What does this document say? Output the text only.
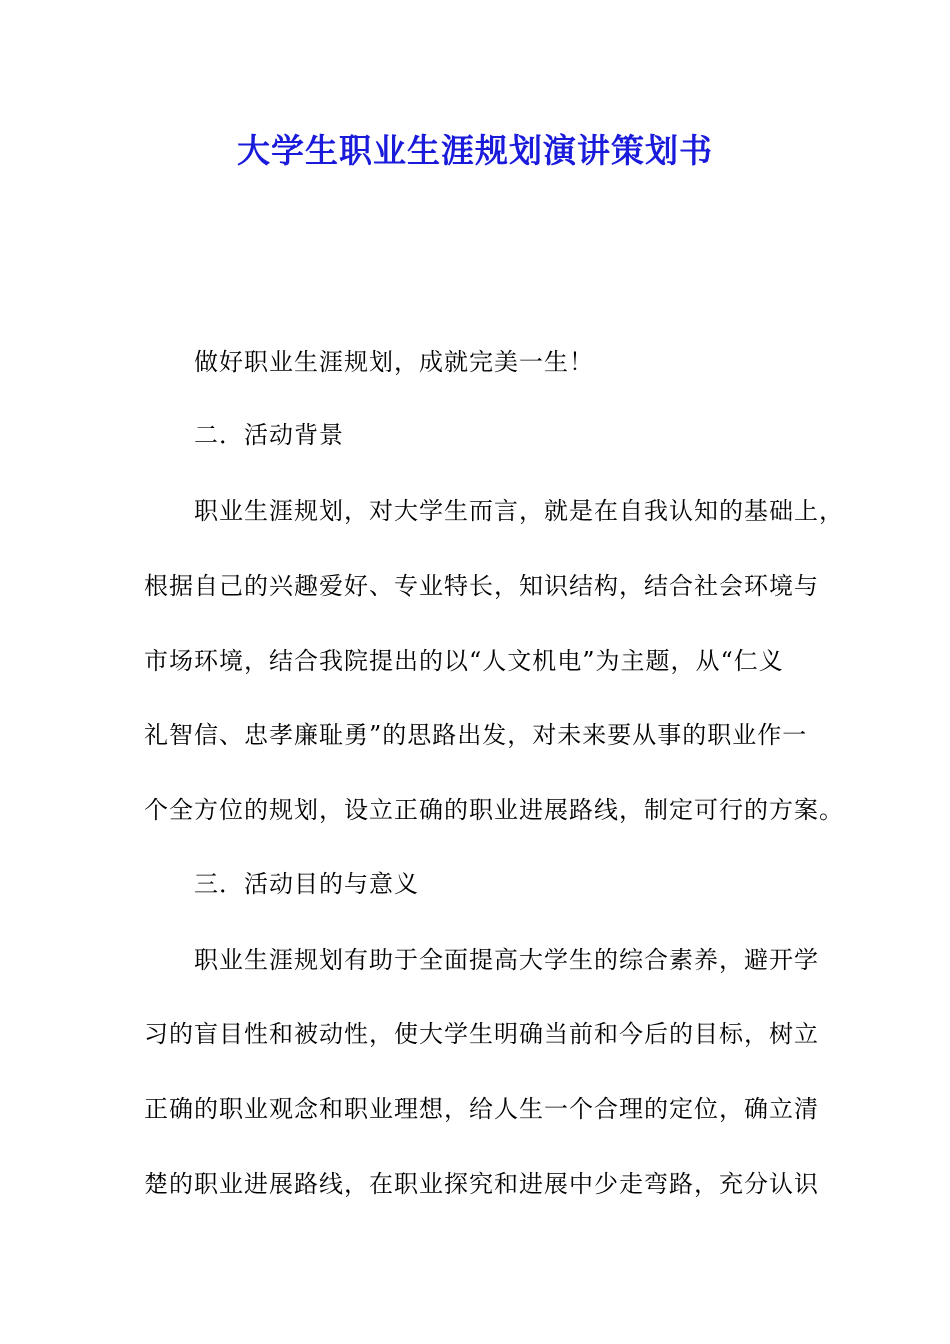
大学生职业生涯规划演讲策划书

做好职业生涯规划，成就完美一生！

二．活动背景

职业生涯规划，对大学生而言，就是在自我认知的基础上，

根据自己的兴趣爱好、专业特长，知识结构，结合社会环境与

市场环境，结合我院提出的以“人文机电”为主题，从“仁义

礼智信、忠孝廉耻勇”的思路出发，对未来要从事的职业作一

个全方位的规划，设立正确的职业进展路线，制定可行的方案。

三．活动目的与意义

职业生涯规划有助于全面提高大学生的综合素养，避开学

习的盲目性和被动性，使大学生明确当前和今后的目标，树立

正确的职业观念和职业理想，给人生一个合理的定位，确立清

楚的职业进展路线，在职业探究和进展中少走弯路，充分认识
